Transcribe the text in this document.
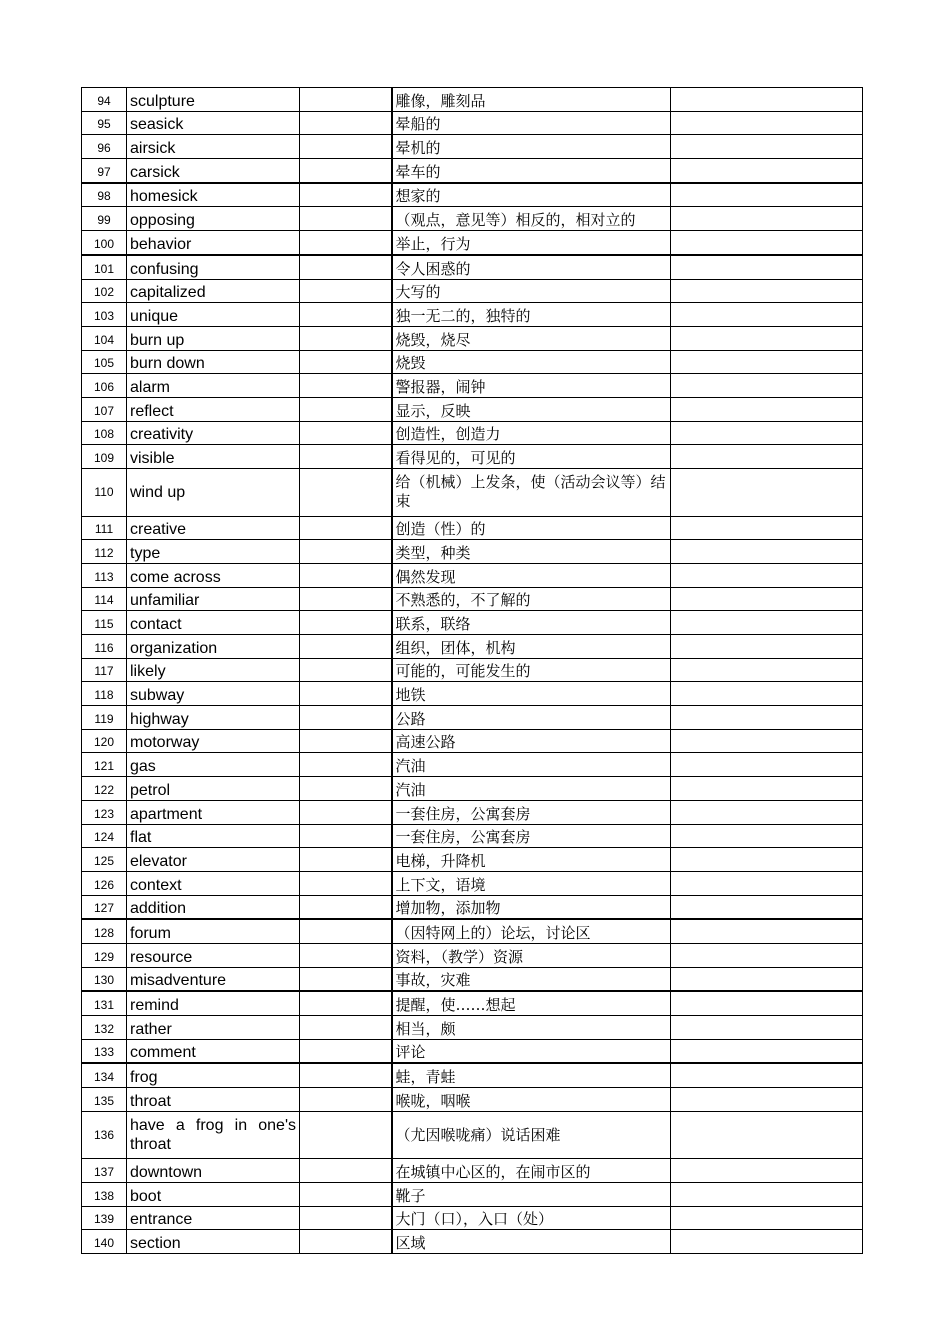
94	sculpture		雕像，雕刻品	
95	seasick		晕船的	
96	airsick		晕机的	
97	carsick		晕车的	
98	homesick		想家的	
99	opposing		（观点，意见等）相反的，相对立的	
100	behavior		举止，行为	
101	confusing		令人困惑的	
102	capitalized		大写的	
103	unique		独一无二的，独特的	
104	burn up		烧毁，烧尽	
105	burn down		烧毁	
106	alarm		警报器，闹钟	
107	reflect		显示，反映	
108	creativity		创造性，创造力	
109	visible		看得见的，可见的	
110	wind up		给（机械）上发条，使（活动会议等）结束	
111	creative		创造（性）的	
112	type		类型，种类	
113	come across		偶然发现	
114	unfamiliar		不熟悉的，不了解的	
115	contact		联系，联络	
116	organization		组织，团体，机构	
117	likely		可能的，可能发生的	
118	subway		地铁	
119	highway		公路	
120	motorway		高速公路	
121	gas		汽油	
122	petrol		汽油	
123	apartment		一套住房，公寓套房	
124	flat		一套住房，公寓套房	
125	elevator		电梯，升降机	
126	context		上下文，语境	
127	addition		增加物，添加物	
128	forum		（因特网上的）论坛，讨论区	
129	resource		资料，（教学）资源	
130	misadventure		事故，灾难	
131	remind		提醒，使……想起	
132	rather		相当，颇	
133	comment		评论	
134	frog		蛙，青蛙	
135	throat		喉咙，咽喉	
136	have a frog in one's throat		（尤因喉咙痛）说话困难	
137	downtown		在城镇中心区的，在闹市区的	
138	boot		靴子	
139	entrance		大门（口），入口（处）	
140	section		区域	
